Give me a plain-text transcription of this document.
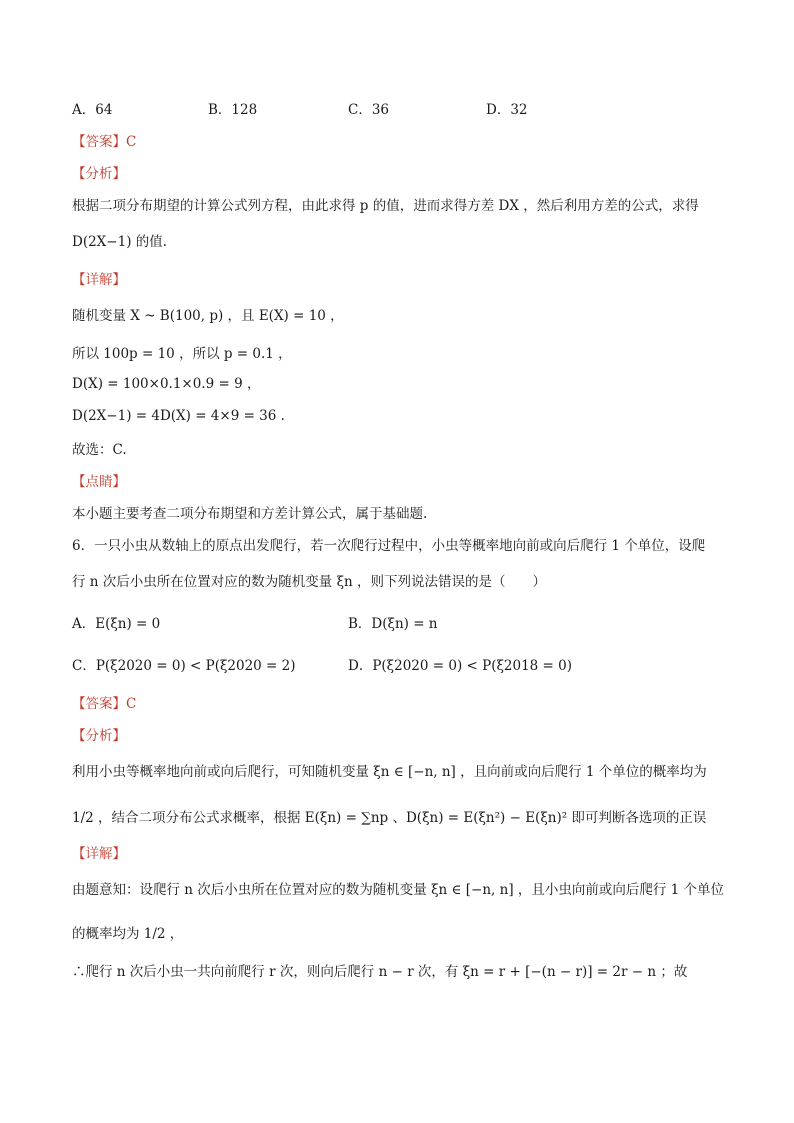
A．64	B．128	C．36	D．32
【答案】C
【分析】
根据二项分布期望的计算公式列方程，由此求得 p 的值，进而求得方差 DX ，然后利用方差的公式，求得
D(2X−1) 的值.
【详解】
随机变量 X ~ B(100, p) ，且 E(X) = 10 ，
所以 100p = 10 ，所以 p = 0.1 ，
D(X) = 100×0.1×0.9 = 9 ，
D(2X−1) = 4D(X) = 4×9 = 36 .
故选：C.
【点睛】
本小题主要考查二项分布期望和方差计算公式，属于基础题.
6．一只小虫从数轴上的原点出发爬行，若一次爬行过程中，小虫等概率地向前或向后爬行 1 个单位，设爬
行 n 次后小虫所在位置对应的数为随机变量 ξn ，则下列说法错误的是（　　）
A．E(ξn) = 0	B．D(ξn) = n
C．P(ξ2020 = 0) < P(ξ2020 = 2)	D．P(ξ2020 = 0) < P(ξ2018 = 0)
【答案】C
【分析】
利用小虫等概率地向前或向后爬行，可知随机变量 ξn ∈ [−n, n] ，且向前或向后爬行 1 个单位的概率均为
1/2 ，结合二项分布公式求概率，根据 E(ξn) = ∑np 、D(ξn) = E(ξn²) − E(ξn)² 即可判断各选项的正误
【详解】
由题意知：设爬行 n 次后小虫所在位置对应的数为随机变量 ξn ∈ [−n, n] ，且小虫向前或向后爬行 1 个单位
的概率均为 1/2 ，
∴爬行 n 次后小虫一共向前爬行 r 次，则向后爬行 n − r 次，有 ξn = r + [−(n − r)] = 2r − n ；故
